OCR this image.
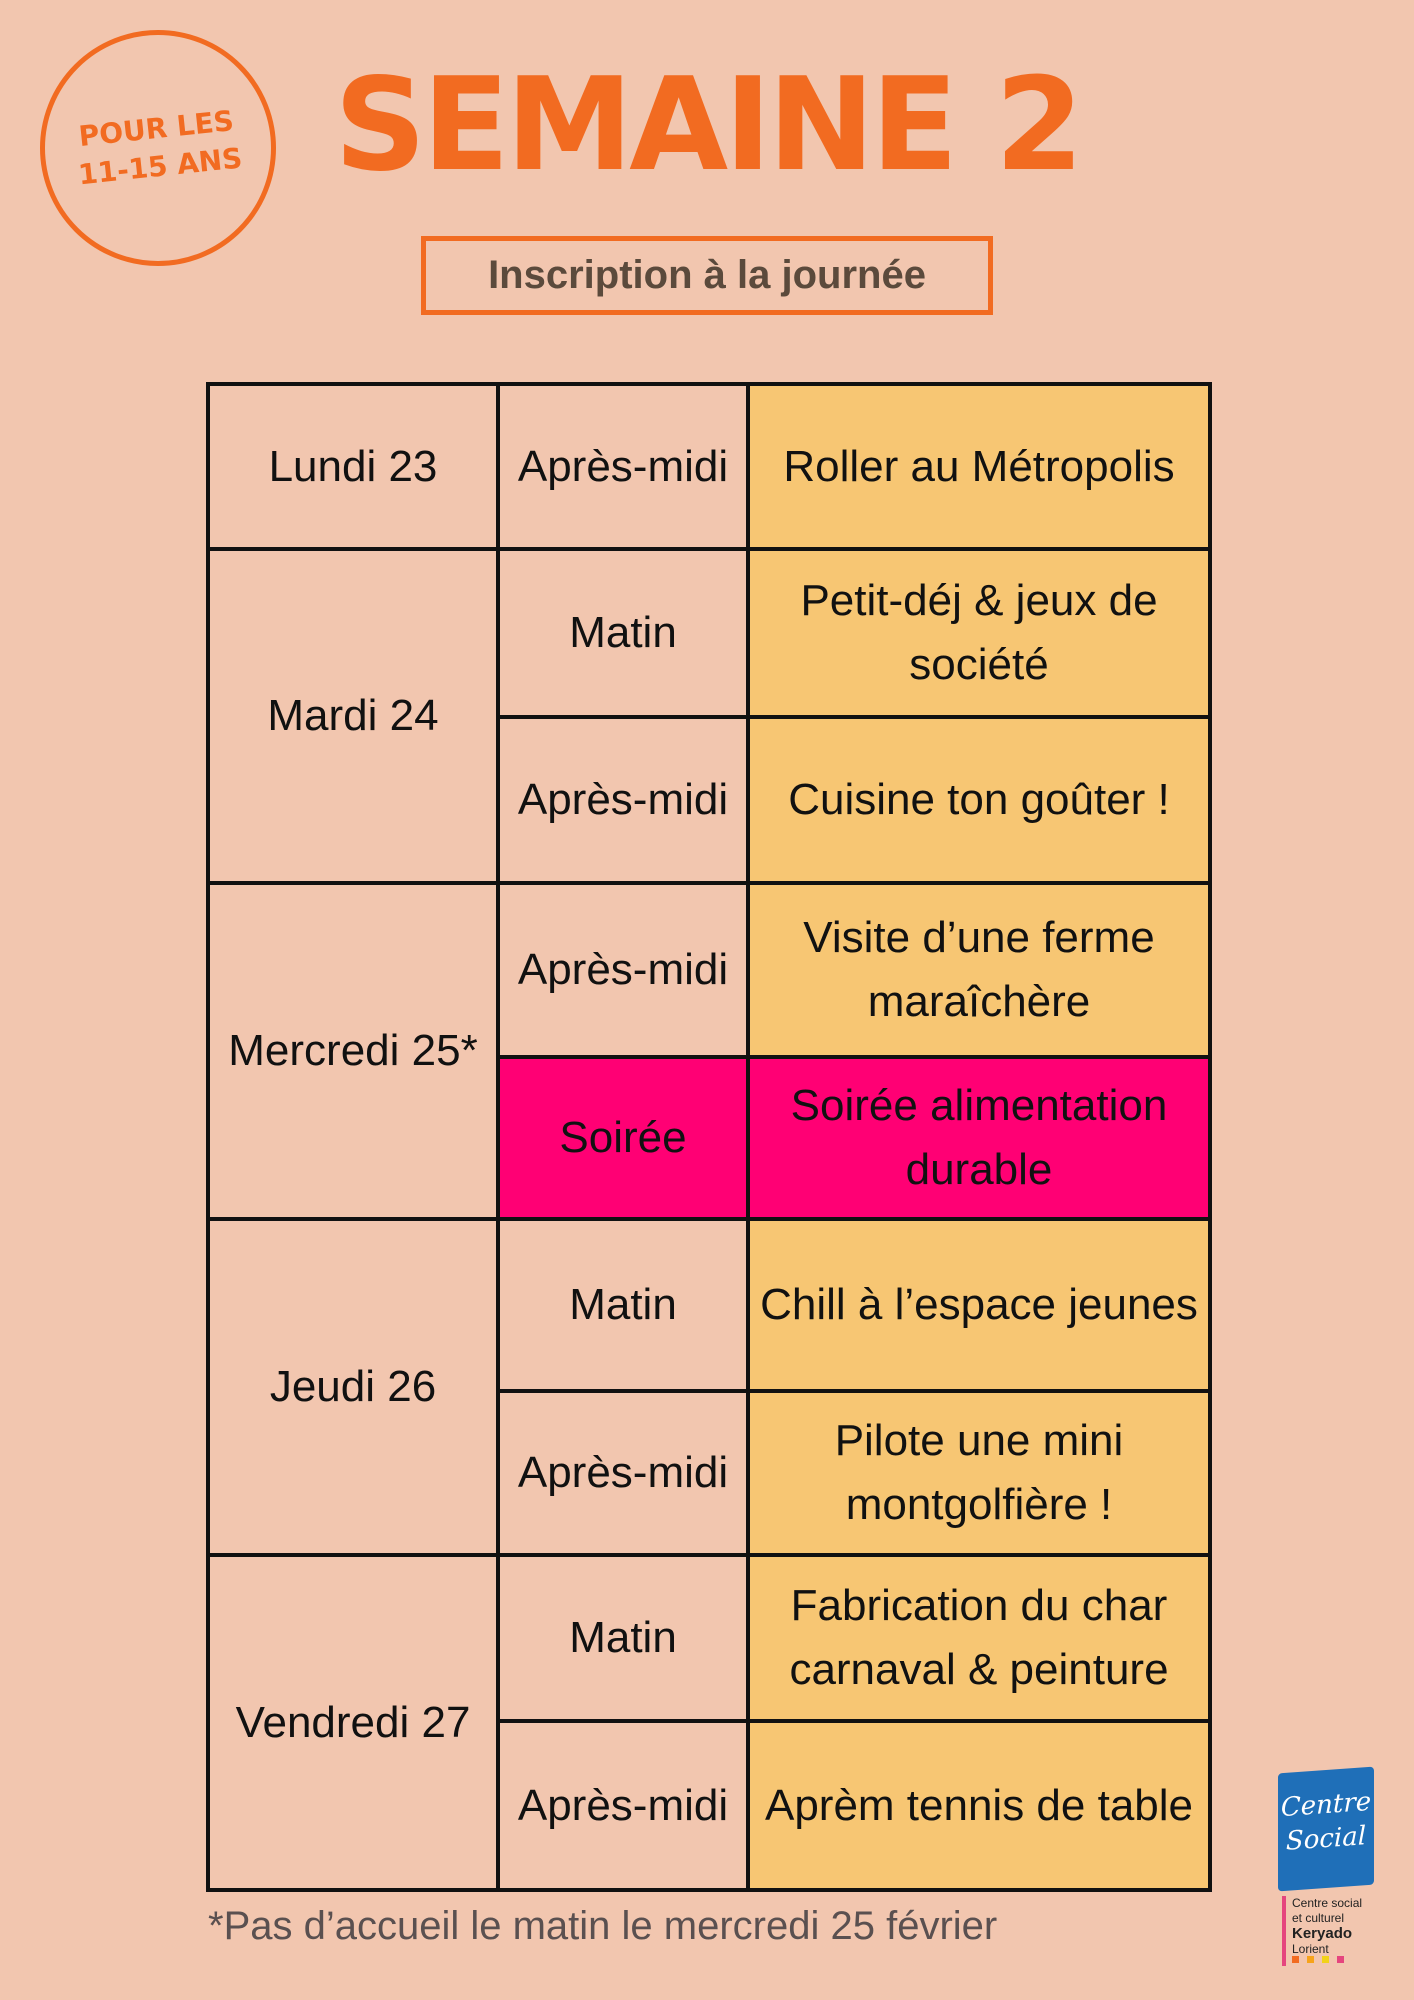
POUR LES
11-15 ANS SEMAINE 2
Inscription à la journée
Lundi 23	Après-midi	Roller au Métropolis
Mardi 24	Matin	Petit-déj & jeux de société
	Après-midi	Cuisine ton goûter !
Mercredi 25*	Après-midi	Visite d’une ferme maraîchère
	Soirée	Soirée alimentation durable
Jeudi 26	Matin	Chill à l’espace jeunes
	Après-midi	Pilote une mini montgolfière !
Vendredi 27	Matin	Fabrication du char carnaval & peinture
	Après-midi	Aprèm tennis de table
*Pas d’accueil le matin le mercredi 25 février
Centre
Social
Centre social
et culturel
Keryado
Lorient
